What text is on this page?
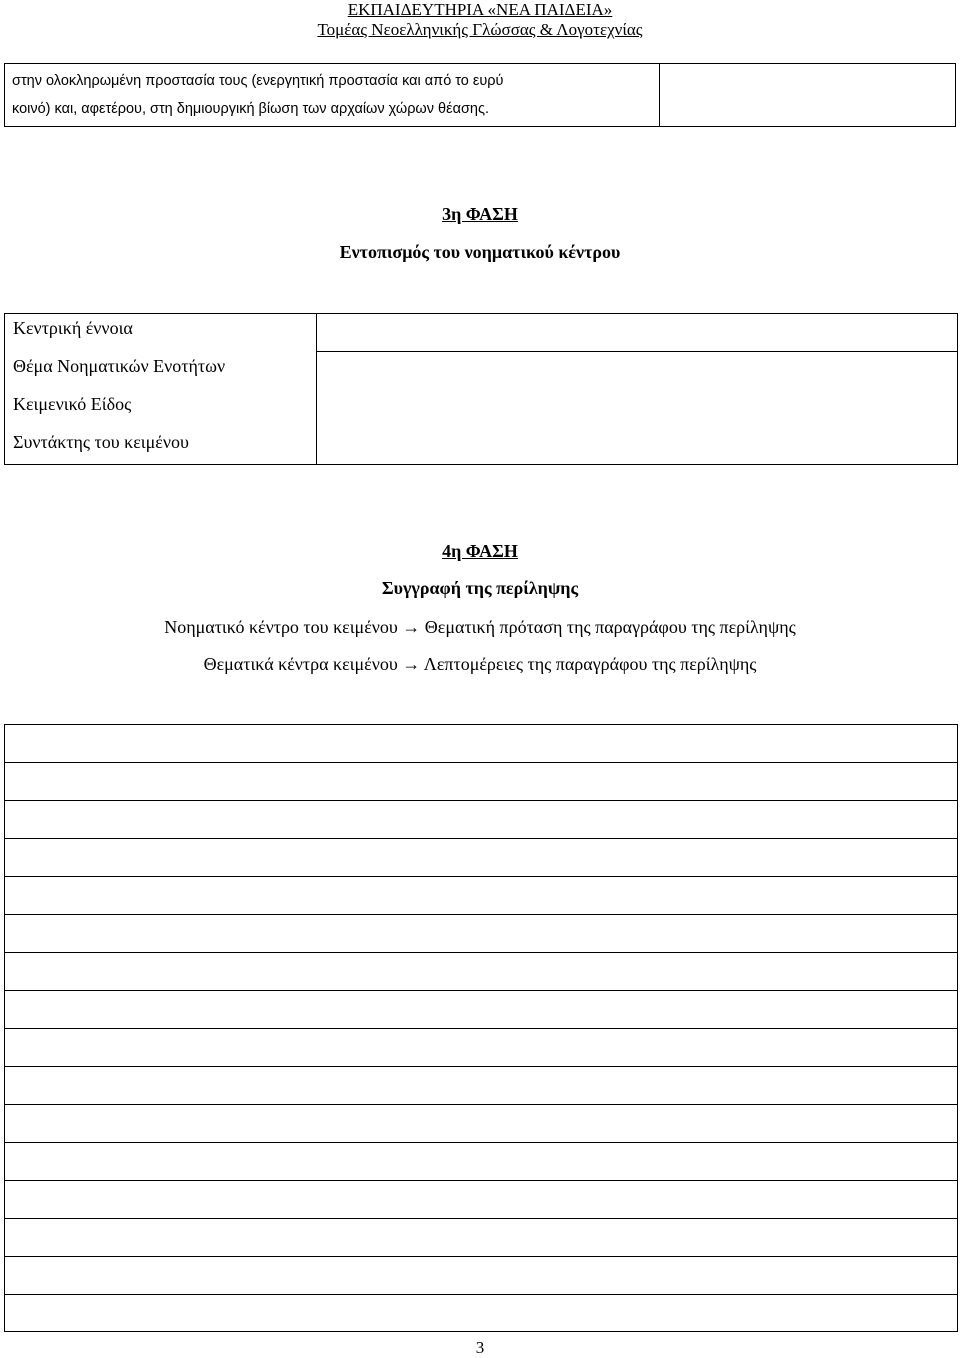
ΕΚΠΑΙΔΕΥΤΗΡΙΑ «ΝΕΑ ΠΑΙΔΕΙΑ»
Τομέας Νεοελληνικής Γλώσσας & Λογοτεχνίας
στην ολοκληρωμένη προστασία τους (ενεργητική προστασία και από το ευρύ
κοινό) και, αφετέρου, στη δημιουργική βίωση των αρχαίων χώρων θέασης.
3η ΦΑΣΗ
Εντοπισμός του νοηματικού κέντρου
Κεντρική έννοια
Θέμα Νοηματικών Ενοτήτων
Κειμενικό Είδος
Συντάκτης του κειμένου
4η ΦΑΣΗ
Συγγραφή της περίληψης
Νοηματικό κέντρο του κειμένου → Θεματική πρόταση της παραγράφου της περίληψης
Θεματικά κέντρα κειμένου → Λεπτομέρειες της παραγράφου της περίληψης
3
